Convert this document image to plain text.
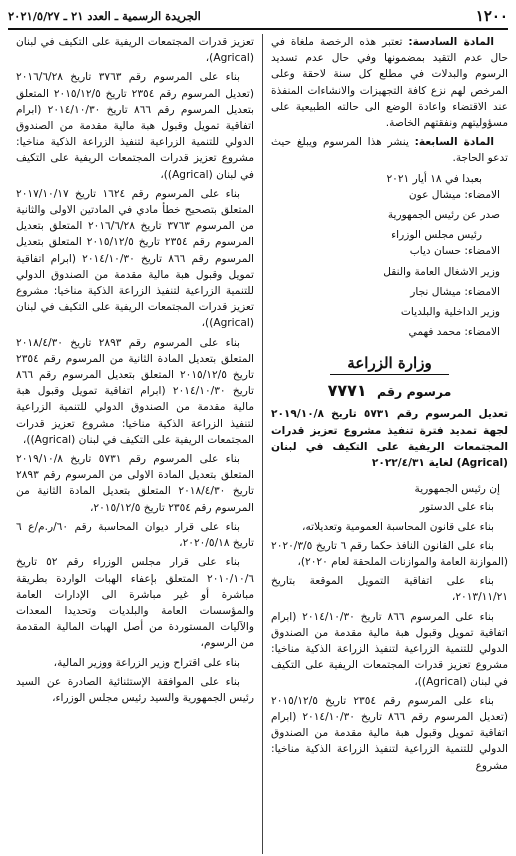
١٢٠٠
الجريدة الرسمية ـ العدد ٢١ ـ ٢٠٢١/٥/٢٧

المادة السادسة: تعتبر هذه الرخصة ملغاة في حال عدم التقيد بمضمونها وفي حال عدم تسديد الرسوم والبدلات في مطلع كل سنة لاحقة وعلى المرخص لهم نزع كافة التجهيزات والانشاءات المنفذة عند الاقتضاء واعادة الوضع الى حالته الطبيعية على مسؤوليتهم ونفقتهم الخاصة.

المادة السابعة: ينشر هذا المرسوم ويبلغ حيث تدعو الحاجة.

بعبدا في ١٨ أيار ٢٠٢١

الامضاء: ميشال عون

صدر عن رئيس الجمهورية

رئيس مجلس الوزراء

الامضاء: حسان دياب

وزير الاشغال العامة والنقل

الامضاء: ميشال نجار

وزير الداخلية والبلديات

الامضاء: محمد فهمي

وزارة الزراعة
مرسوم رقم ٧٧٧١

تعديل المرسوم رقم ٥٧٣١ تاريخ ٢٠١٩/١٠/٨ لجهة تمديد فترة تنفيذ مشروع تعزيز قدرات المجتمعات الريفية على التكيف في لبنان (Agrical) لغاية ٢٠٢٢/٤/٣١

إن رئيس الجمهورية

بناء على الدستور

بناء على قانون المحاسبة العمومية وتعديلاته،

بناء على القانون النافذ حكما رقم ٦ تاريخ ٢٠٢٠/٣/٥ (الموازنة العامة والموازنات الملحقة لعام ٢٠٢٠)،

بناء على اتفاقية التمويل الموقعة بتاريخ ٢٠١٣/١١/٢١،

بناء على المرسوم ٨٦٦ تاريخ ٢٠١٤/١٠/٣٠ (ابرام اتفاقية تمويل وقبول هبة مالية مقدمة من الصندوق الدولي للتنمية الزراعية لتنفيذ الزراعة الذكية مناخيا: مشروع تعزيز قدرات المجتمعات الريفية على التكيف في لبنان (Agrical))،

بناء على المرسوم رقم ٢٣٥٤ تاريخ ٢٠١٥/١٢/٥ (تعديل المرسوم رقم ٨٦٦ تاريخ ٢٠١٤/١٠/٣٠ (ابرام اتفاقية تمويل وقبول هبة مالية مقدمة من الصندوق الدولي للتنمية الزراعية لتنفيذ الزراعة الذكية مناخيا: مشروع

تعزيز قدرات المجتمعات الريفية على التكيف في لبنان (Agrical)،

بناء على المرسوم رقم ٣٧٦٣ تاريخ ٢٠١٦/٦/٢٨ (تعديل المرسوم رقم ٢٣٥٤ تاريخ ٢٠١٥/١٢/٥ المتعلق بتعديل المرسوم رقم ٨٦٦ تاريخ ٢٠١٤/١٠/٣٠ (ابرام اتفاقية تمويل وقبول هبة مالية مقدمة من الصندوق الدولي للتنمية الزراعية لتنفيذ الزراعة الذكية مناخيا: مشروع تعزيز قدرات المجتمعات الريفية على التكيف في لبنان (Agrical))،

بناء على المرسوم رقم ١٦٢٤ تاريخ ٢٠١٧/١٠/١٧ المتعلق بتصحيح خطأ مادي في المادتين الاولى والثانية من المرسوم ٣٧٦٣ تاريخ ٢٠١٦/٦/٢٨ المتعلق بتعديل المرسوم رقم ٢٣٥٤ تاريخ ٢٠١٥/١٢/٥ المتعلق بتعديل المرسوم رقم ٨٦٦ تاريخ ٢٠١٤/١٠/٣٠ (ابرام اتفاقية تمويل وقبول هبة مالية مقدمة من الصندوق الدولي للتنمية الزراعية لتنفيذ الزراعة الذكية مناخيا: مشروع تعزيز قدرات المجتمعات الريفية على التكيف في لبنان (Agrical))،

بناء على المرسوم رقم ٢٨٩٣ تاريخ ٢٠١٨/٤/٣٠ المتعلق بتعديل المادة الثانية من المرسوم رقم ٢٣٥٤ تاريخ ٢٠١٥/١٢/٥ المتعلق بتعديل المرسوم رقم ٨٦٦ تاريخ ٢٠١٤/١٠/٣٠ (ابرام اتفاقية تمويل وقبول هبة مالية مقدمة من الصندوق الدولي للتنمية الزراعية لتنفيذ الزراعة الذكية مناخيا: مشروع تعزيز قدرات المجتمعات الريفية على التكيف في لبنان (Agrical))،

بناء على المرسوم رقم ٥٧٣١ تاريخ ٢٠١٩/١٠/٨ المتعلق بتعديل المادة الاولى من المرسوم رقم ٢٨٩٣ تاريخ ٢٠١٨/٤/٣٠ المتعلق بتعديل المادة الثانية من المرسوم رقم ٢٣٥٤ تاريخ ٢٠١٥/١٢/٥،

بناء على قرار ديوان المحاسبة رقم ٦٠/ر.م/ع ٦ تاريخ ٢٠٢٠/٥/١٨،

بناء على قرار مجلس الوزراء رقم ٥٢ تاريخ ٢٠١٠/١٠/٦ المتعلق بإعفاء الهبات الواردة بطريقة مباشرة أو غير مباشرة الى الإدارات العامة والمؤسسات العامة والبلديات وتحديدا المعدات والآليات المستوردة من أصل الهبات المالية المقدمة من الرسوم،

بناء على اقتراح وزير الزراعة ووزير المالية،

بناء على الموافقة الإستثنائية الصادرة عن السيد رئيس الجمهورية والسيد رئيس مجلس الوزراء،
